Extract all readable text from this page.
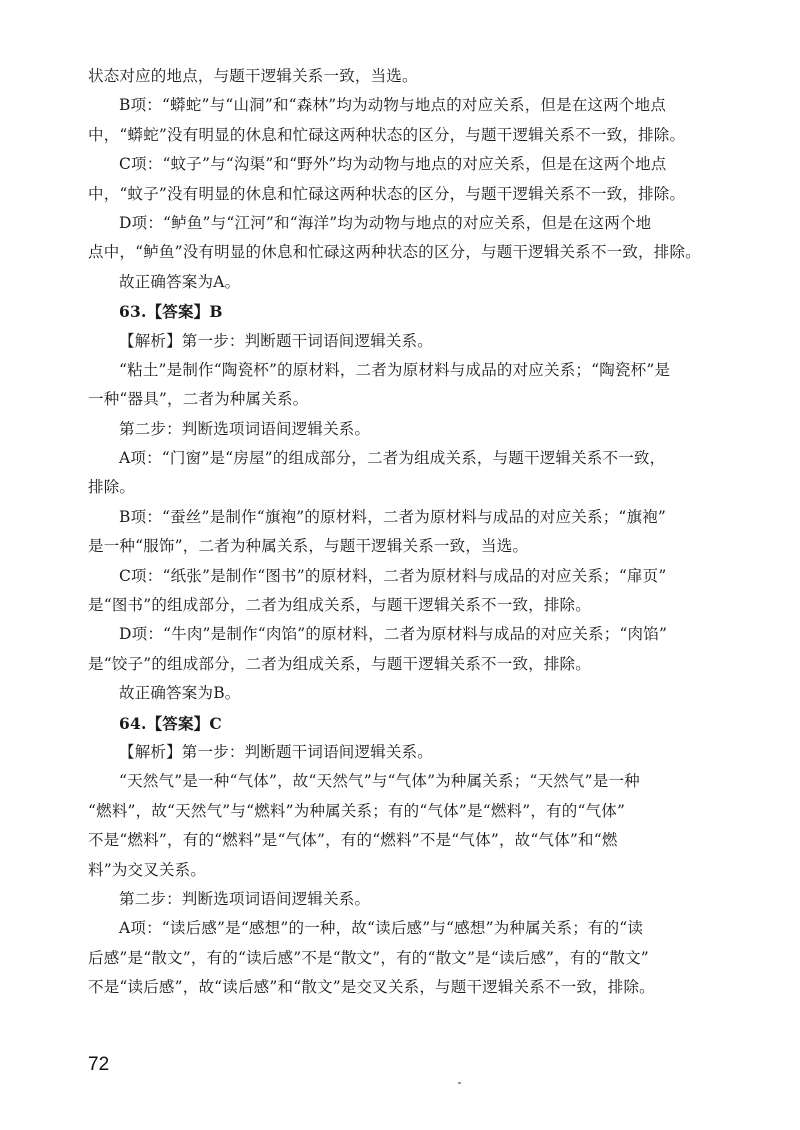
状态对应的地点，与题干逻辑关系一致，当选。

B项：“蟒蛇”与“山洞”和“森林”均为动物与地点的对应关系，但是在这两个地点

中，“蟒蛇”没有明显的休息和忙碌这两种状态的区分，与题干逻辑关系不一致，排除。

C项：“蚊子”与“沟渠”和“野外”均为动物与地点的对应关系，但是在这两个地点

中，“蚊子”没有明显的休息和忙碌这两种状态的区分，与题干逻辑关系不一致，排除。

D项：“鲈鱼”与“江河”和“海洋”均为动物与地点的对应关系，但是在这两个地

点中，“鲈鱼”没有明显的休息和忙碌这两种状态的区分，与题干逻辑关系不一致，排除。

故正确答案为A。

63.【答案】B

【解析】第一步：判断题干词语间逻辑关系。

“粘土”是制作“陶瓷杯”的原材料，二者为原材料与成品的对应关系；“陶瓷杯”是

一种“器具”，二者为种属关系。

第二步：判断选项词语间逻辑关系。

A项：“门窗”是“房屋”的组成部分，二者为组成关系，与题干逻辑关系不一致，

排除。

B项：“蚕丝”是制作“旗袍”的原材料，二者为原材料与成品的对应关系；“旗袍”

是一种“服饰”，二者为种属关系，与题干逻辑关系一致，当选。

C项：“纸张”是制作“图书”的原材料，二者为原材料与成品的对应关系；“扉页”

是“图书”的组成部分，二者为组成关系，与题干逻辑关系不一致，排除。

D项：“牛肉”是制作“肉馅”的原材料，二者为原材料与成品的对应关系；“肉馅”

是“饺子”的组成部分，二者为组成关系，与题干逻辑关系不一致，排除。

故正确答案为B。

64.【答案】C

【解析】第一步：判断题干词语间逻辑关系。

“天然气”是一种“气体”，故“天然气”与“气体”为种属关系；“天然气”是一种

“燃料”，故“天然气”与“燃料”为种属关系；有的“气体”是“燃料”，有的“气体”

不是“燃料”，有的“燃料”是“气体”，有的“燃料”不是“气体”，故“气体”和“燃

料”为交叉关系。

第二步：判断选项词语间逻辑关系。

A项：“读后感”是“感想”的一种，故“读后感”与“感想”为种属关系；有的“读

后感”是“散文”，有的“读后感”不是“散文”，有的“散文”是“读后感”，有的“散文”

不是“读后感”，故“读后感”和“散文”是交叉关系，与题干逻辑关系不一致，排除。

72
